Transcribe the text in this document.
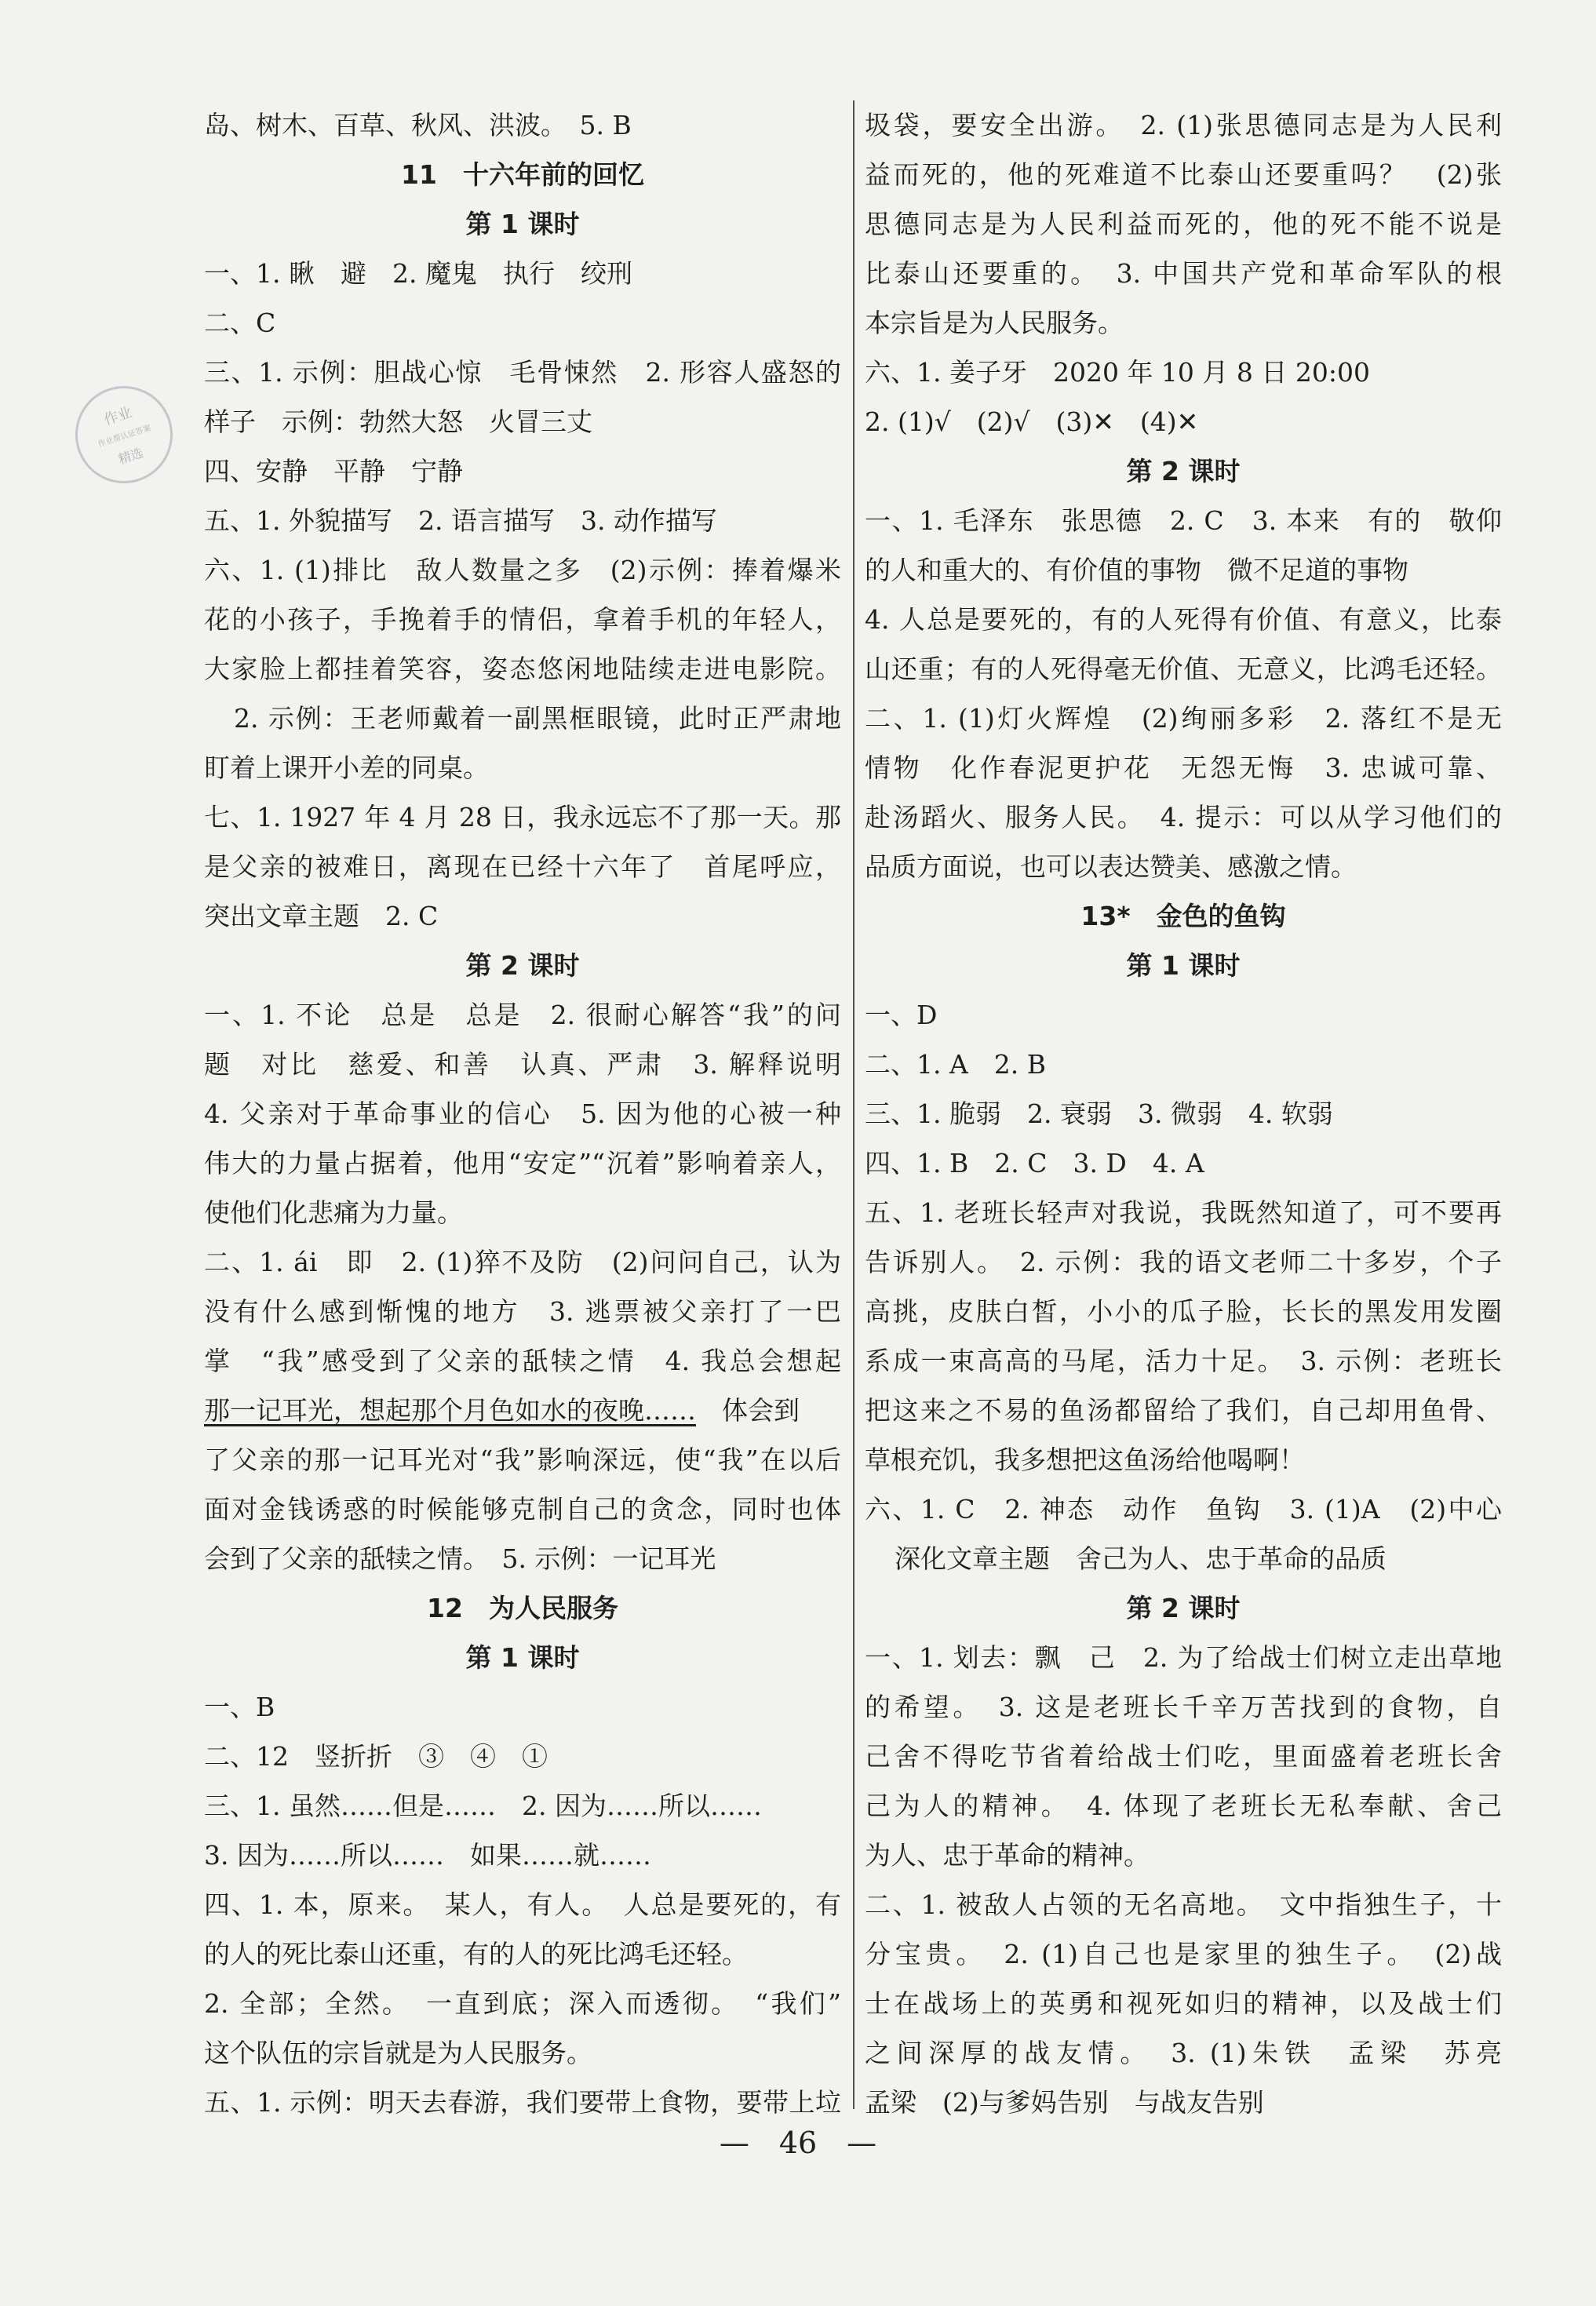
作业
作业帮认证答案
精选
岛、树木、百草、秋风、洪波。　5. B
11　十六年前的回忆
第 1 课时
一、1. 瞅　避　2. 魔鬼　执行　绞刑
二、C
三、1. 示例：胆战心惊　毛骨悚然　2. 形容人盛怒的
样子　示例：勃然大怒　火冒三丈
四、安静　平静　宁静
五、1. 外貌描写　2. 语言描写　3. 动作描写
六、1. (1)排比　敌人数量之多　(2)示例：捧着爆米
花的小孩子，手挽着手的情侣，拿着手机的年轻人，
大家脸上都挂着笑容，姿态悠闲地陆续走进电影院。
2. 示例：王老师戴着一副黑框眼镜，此时正严肃地
盯着上课开小差的同桌。
七、1. 1927 年 4 月 28 日，我永远忘不了那一天。那
是父亲的被难日，离现在已经十六年了　首尾呼应，
突出文章主题　2. C
第 2 课时
一、1. 不论　总是　总是　2. 很耐心解答“我”的问
题　对比　慈爱、和善　认真、严肃　3. 解释说明
4. 父亲对于革命事业的信心　5. 因为他的心被一种
伟大的力量占据着，他用“安定”“沉着”影响着亲人，
使他们化悲痛为力量。
二、1. ái　即　2. (1)猝不及防　(2)问问自己，认为
没有什么感到惭愧的地方　3. 逃票被父亲打了一巴
掌　“我”感受到了父亲的舐犊之情　4. 我总会想起
那一记耳光，想起那个月色如水的夜晚……　体会到
了父亲的那一记耳光对“我”影响深远，使“我”在以后
面对金钱诱惑的时候能够克制自己的贪念，同时也体
会到了父亲的舐犊之情。　5. 示例：一记耳光
12　为人民服务
第 1 课时
一、B
二、12　竖折折　③　④　①
三、1. 虽然……但是……　2. 因为……所以……
3. 因为……所以……　如果……就……
四、1. 本，原来。　某人，有人。　人总是要死的，有
的人的死比泰山还重，有的人的死比鸿毛还轻。
2. 全部；全然。　一直到底；深入而透彻。　“我们”
这个队伍的宗旨就是为人民服务。
五、1. 示例：明天去春游，我们要带上食物，要带上垃
圾袋，要安全出游。　2. (1)张思德同志是为人民利
益而死的，他的死难道不比泰山还要重吗？　(2)张
思德同志是为人民利益而死的，他的死不能不说是
比泰山还要重的。　3. 中国共产党和革命军队的根
本宗旨是为人民服务。
六、1. 姜子牙　2020 年 10 月 8 日 20:00
2. (1)√　(2)√　(3)✕　(4)✕
第 2 课时
一、1. 毛泽东　张思德　2. C　3. 本来　有的　敬仰
的人和重大的、有价值的事物　微不足道的事物
4. 人总是要死的，有的人死得有价值、有意义，比泰
山还重；有的人死得毫无价值、无意义，比鸿毛还轻。
二、1. (1)灯火辉煌　(2)绚丽多彩　2. 落红不是无
情物　化作春泥更护花　无怨无悔　3. 忠诚可靠、
赴汤蹈火、服务人民。　4. 提示：可以从学习他们的
品质方面说，也可以表达赞美、感激之情。
13*　金色的鱼钩
第 1 课时
一、D
二、1. A　2. B
三、1. 脆弱　2. 衰弱　3. 微弱　4. 软弱
四、1. B　2. C　3. D　4. A
五、1. 老班长轻声对我说，我既然知道了，可不要再
告诉别人。　2. 示例：我的语文老师二十多岁，个子
高挑，皮肤白皙，小小的瓜子脸，长长的黑发用发圈
系成一束高高的马尾，活力十足。　3. 示例：老班长
把这来之不易的鱼汤都留给了我们，自己却用鱼骨、
草根充饥，我多想把这鱼汤给他喝啊！
六、1. C　2. 神态　动作　鱼钩　3. (1)A　(2)中心
深化文章主题　舍己为人、忠于革命的品质
第 2 课时
一、1. 划去：飘　己　2. 为了给战士们树立走出草地
的希望。　3. 这是老班长千辛万苦找到的食物，自
己舍不得吃节省着给战士们吃，里面盛着老班长舍
己为人的精神。　4. 体现了老班长无私奉献、舍己
为人、忠于革命的精神。
二、1. 被敌人占领的无名高地。　文中指独生子，十
分宝贵。　2. (1)自己也是家里的独生子。　(2)战
士在战场上的英勇和视死如归的精神，以及战士们
之间深厚的战友情。　3. (1)朱铁　孟梁　苏亮
孟梁　(2)与爹妈告别　与战友告别
—　46　—
